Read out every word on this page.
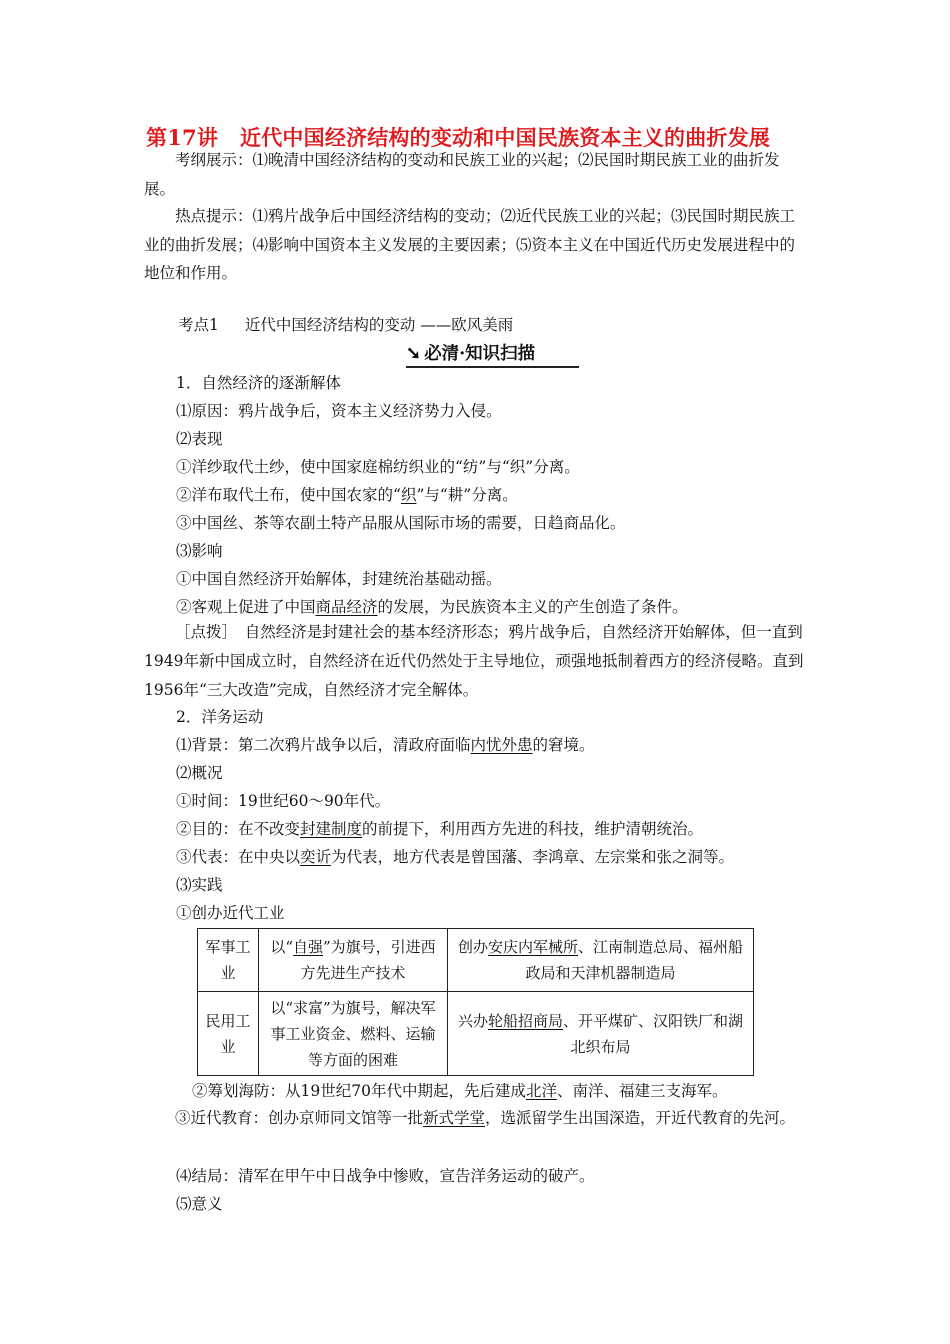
第17讲 近代中国经济结构的变动和中国民族资本主义的曲折发展
考纲展示：⑴晚清中国经济结构的变动和民族工业的兴起；⑵民国时期民族工业的曲折发展。
热点提示：⑴鸦片战争后中国经济结构的变动；⑵近代民族工业的兴起；⑶民国时期民族工业的曲折发展；⑷影响中国资本主义发展的主要因素；⑸资本主义在中国近代历史发展进程中的地位和作用。
考点1 近代中国经济结构的变动 ——欧风美雨
➘ 必清·知识扫描
1．自然经济的逐渐解体
⑴原因：鸦片战争后，资本主义经济势力入侵。
⑵表现
①洋纱取代土纱，使中国家庭棉纺织业的“纺”与“织”分离。
②洋布取代土布，使中国农家的“织”与“耕”分离。
③中国丝、茶等农副土特产品服从国际市场的需要，日趋商品化。
⑶影响
①中国自然经济开始解体，封建统治基础动摇。
②客观上促进了中国商品经济的发展，为民族资本主义的产生创造了条件。
［点拨］　自然经济是封建社会的基本经济形态；鸦片战争后，自然经济开始解体，但一直到1949年新中国成立时，自然经济在近代仍然处于主导地位，顽强地抵制着西方的经济侵略。直到1956年“三大改造”完成，自然经济才完全解体。
2．洋务运动
⑴背景：第二次鸦片战争以后，清政府面临内忧外患的窘境。
⑵概况
①时间：19世纪60～90年代。
②目的：在不改变封建制度的前提下，利用西方先进的科技，维护清朝统治。
③代表：在中央以奕䜣为代表，地方代表是曾国藩、李鸿章、左宗棠和张之洞等。
⑶实践
①创办近代工业
军事工业	以“自强”为旗号，引进西方先进生产技术	创办安庆内军械所、江南制造总局、福州船政局和天津机器制造局
民用工业	以“求富”为旗号，解决军事工业资金、燃料、运输等方面的困难	兴办轮船招商局、开平煤矿、汉阳铁厂和湖北织布局
②筹划海防：从19世纪70年代中期起，先后建成北洋、南洋、福建三支海军。
③近代教育：创办京师同文馆等一批新式学堂，选派留学生出国深造，开近代教育的先河。
⑷结局：清军在甲午中日战争中惨败，宣告洋务运动的破产。
⑸意义
